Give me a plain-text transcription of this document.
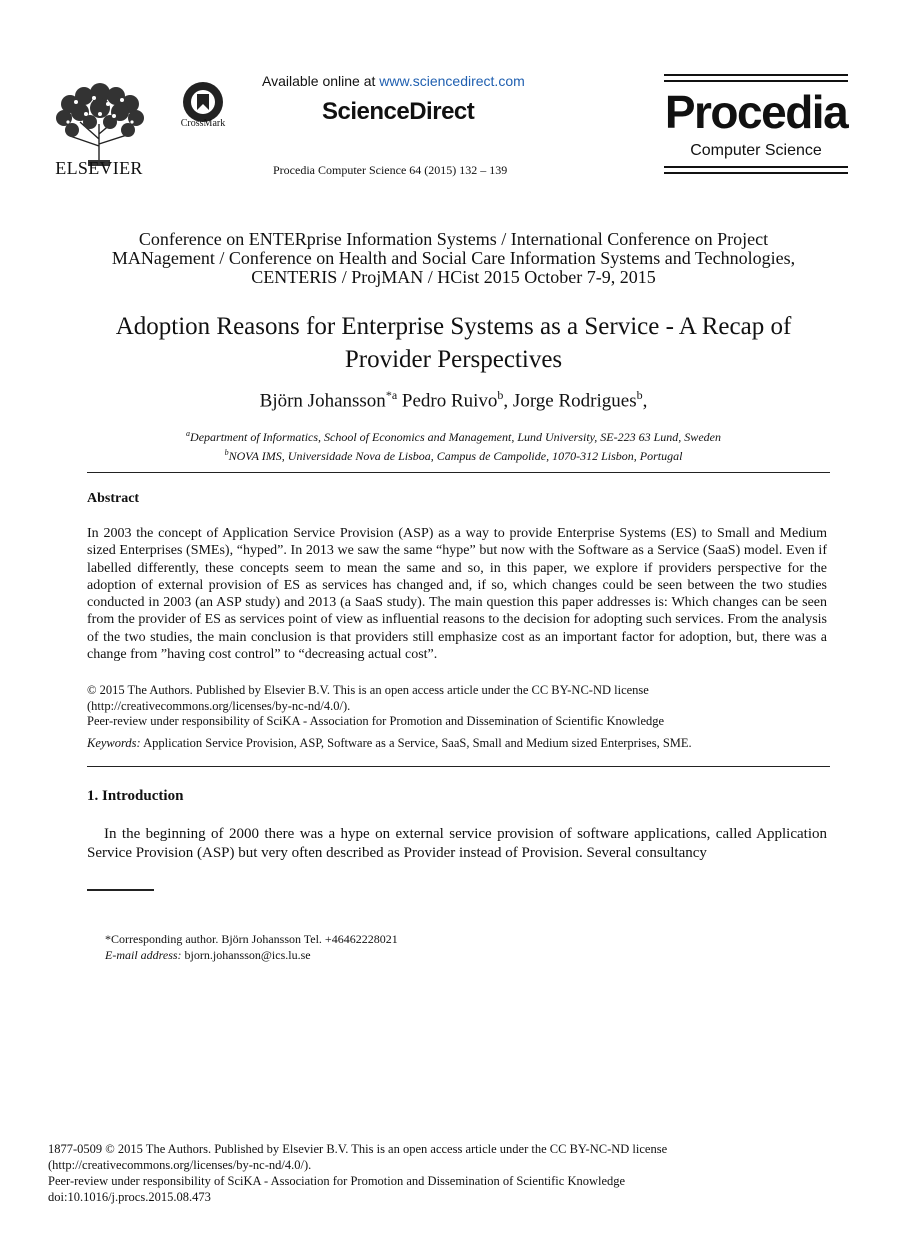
ELSEVIER
CrossMark
Available online at www.sciencedirect.com
ScienceDirect
Procedia Computer Science 64 (2015) 132 – 139
Procedia
Computer Science
Conference on ENTERprise Information Systems / International Conference on Project
MANagement / Conference on Health and Social Care Information Systems and Technologies,
CENTERIS / ProjMAN / HCist 2015 October 7-9, 2015
Adoption Reasons for Enterprise Systems as a Service - A Recap of
Provider Perspectives
Björn Johansson$^{*a}$ Pedro Ruivo$^b$, Jorge Rodrigues$^b$,
$^a$Department of Informatics, School of Economics and Management, Lund University, SE-223 63 Lund, Sweden
$^b$NOVA IMS, Universidade Nova de Lisboa, Campus de Campolide, 1070-312 Lisbon, Portugal
Abstract
In 2003 the concept of Application Service Provision (ASP) as a way to provide Enterprise Systems (ES) to Small and Medium sized Enterprises (SMEs), “hyped”. In 2013 we saw the same “hype” but now with the Software as a Service (SaaS) model. Even if labelled differently, these concepts seem to mean the same and so, in this paper, we explore if providers perspective for the adoption of external provision of ES as services has changed and, if so, which changes could be seen between the two studies conducted in 2003 (an ASP study) and 2013 (a SaaS study). The main question this paper addresses is: Which changes can be seen from the provider of ES as services point of view as influential reasons to the decision for adopting such services. From the analysis of the two studies, the main conclusion is that providers still emphasize cost as an important factor for adoption, but, there was a change from ”having cost control” to “decreasing actual cost”.
© 2015 The Authors. Published by Elsevier B.V. This is an open access article under the CC BY-NC-ND license
(http://creativecommons.org/licenses/by-nc-nd/4.0/).
Peer-review under responsibility of SciKA - Association for Promotion and Dissemination of Scientific Knowledge
Keywords: Application Service Provision, ASP, Software as a Service, SaaS, Small and Medium sized Enterprises, SME.
1. Introduction
In the beginning of 2000 there was a hype on external service provision of software applications, called Application Service Provision (ASP) but very often described as Provider instead of Provision. Several consultancy
*Corresponding author. Björn Johansson Tel. +46462228021
E-mail address: bjorn.johansson@ics.lu.se
1877-0509 © 2015 The Authors. Published by Elsevier B.V. This is an open access article under the CC BY-NC-ND license
(http://creativecommons.org/licenses/by-nc-nd/4.0/).
Peer-review under responsibility of SciKA - Association for Promotion and Dissemination of Scientific Knowledge
doi:10.1016/j.procs.2015.08.473
